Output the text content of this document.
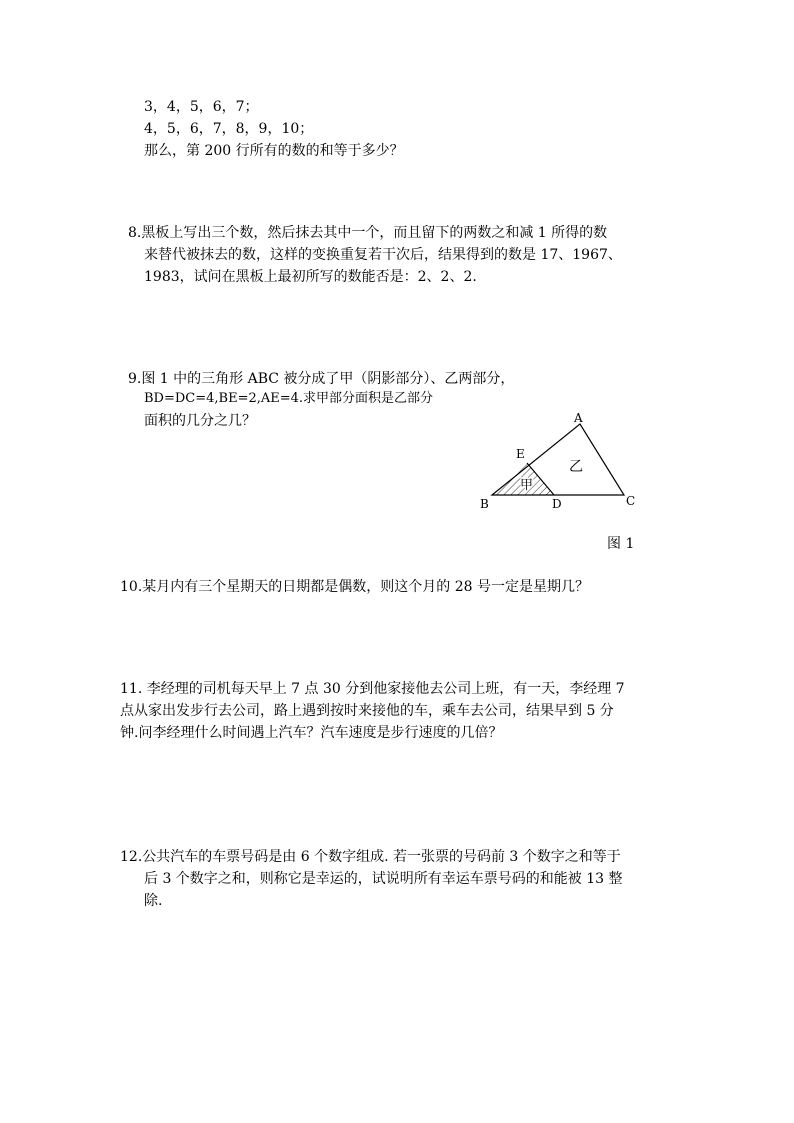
3，4，5，6，7；
4，5，6，7，8，9，10；
那么，第 200 行所有的数的和等于多少？
8.黑板上写出三个数，然后抹去其中一个，而且留下的两数之和减 1 所得的数
来替代被抹去的数，这样的变换重复若干次后，结果得到的数是 17、1967、
1983，试问在黑板上最初所写的数能否是：2、2、2.
9.图 1 中的三角形 ABC 被分成了甲（阴影部分）、乙两部分，
BD=DC=4,BE=2,AE=4.求甲部分面积是乙部分
面积的几分之几？	A
B	C
D
E
甲
乙
图 1
10.某月内有三个星期天的日期都是偶数，则这个月的 28 号一定是星期几？
11. 李经理的司机每天早上 7 点 30 分到他家接他去公司上班，有一天，李经理 7
点从家出发步行去公司，路上遇到按时来接他的车，乘车去公司，结果早到 5 分
钟.问李经理什么时间遇上汽车？汽车速度是步行速度的几倍？
12.公共汽车的车票号码是由 6 个数字组成. 若一张票的号码前 3 个数字之和等于
后 3 个数字之和，则称它是幸运的，试说明所有幸运车票号码的和能被 13 整
除.
